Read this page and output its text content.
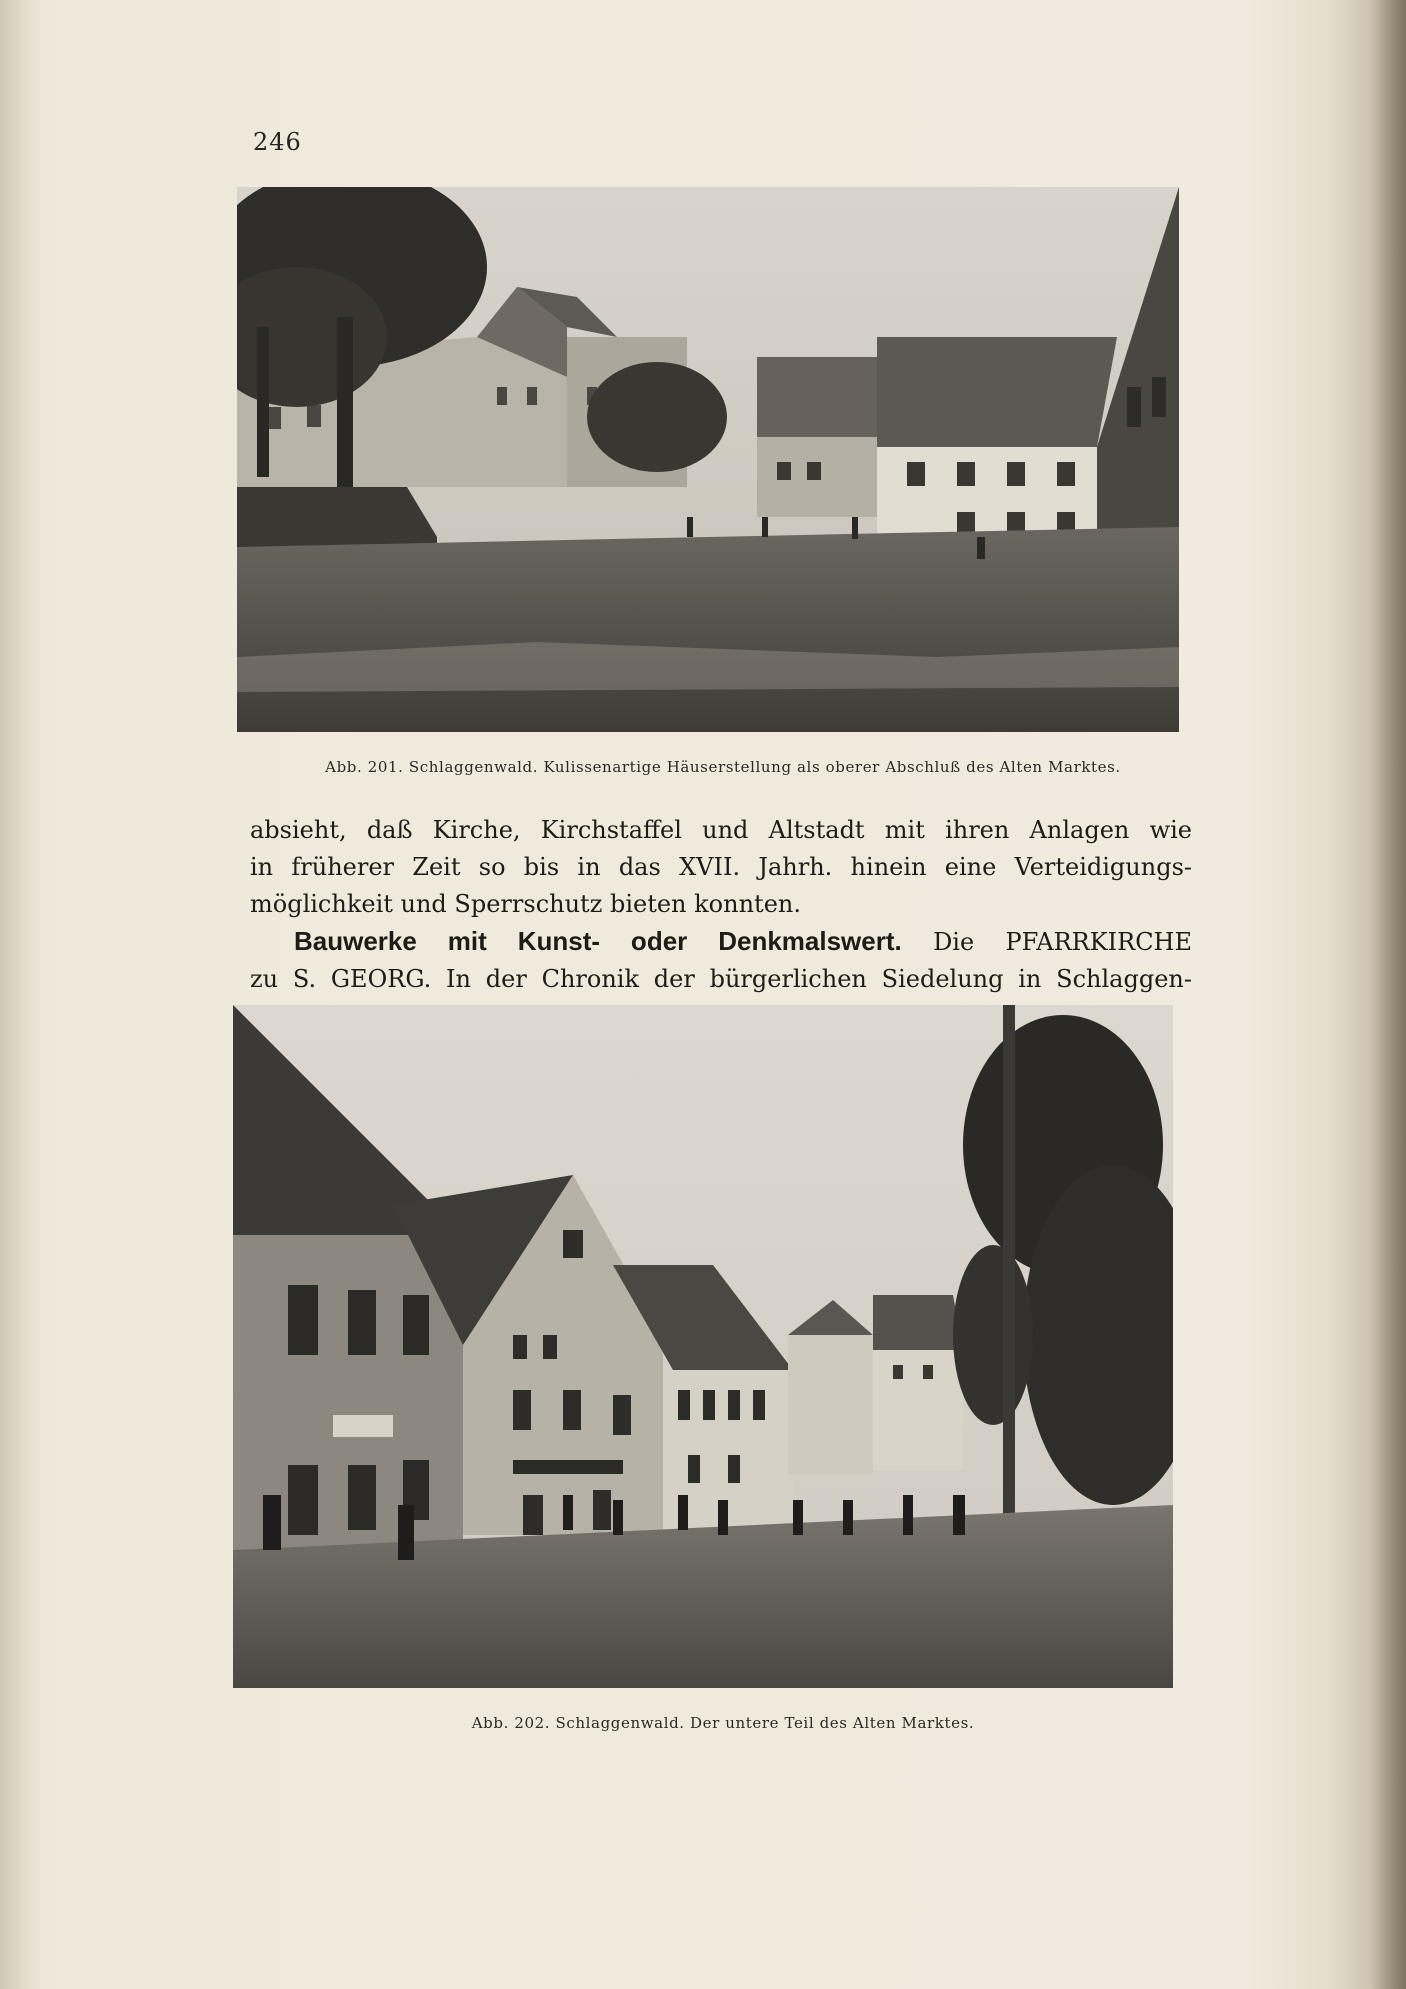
246
Abb. 201. Schlaggenwald. Kulissenartige Häuserstellung als oberer Abschluß des Alten Marktes.
absieht, daß Kirche, Kirchstaffel und Altstadt mit ihren Anlagen wie
in früherer Zeit so bis in das XVII. Jahrh. hinein eine Verteidigungs-
möglichkeit und Sperrschutz bieten konnten.
Bauwerke mit Kunst- oder Denkmalswert. Die PFARRKIRCHE
zu S. GEORG. In der Chronik der bürgerlichen Siedelung in Schlaggen-
Abb. 202. Schlaggenwald. Der untere Teil des Alten Marktes.
